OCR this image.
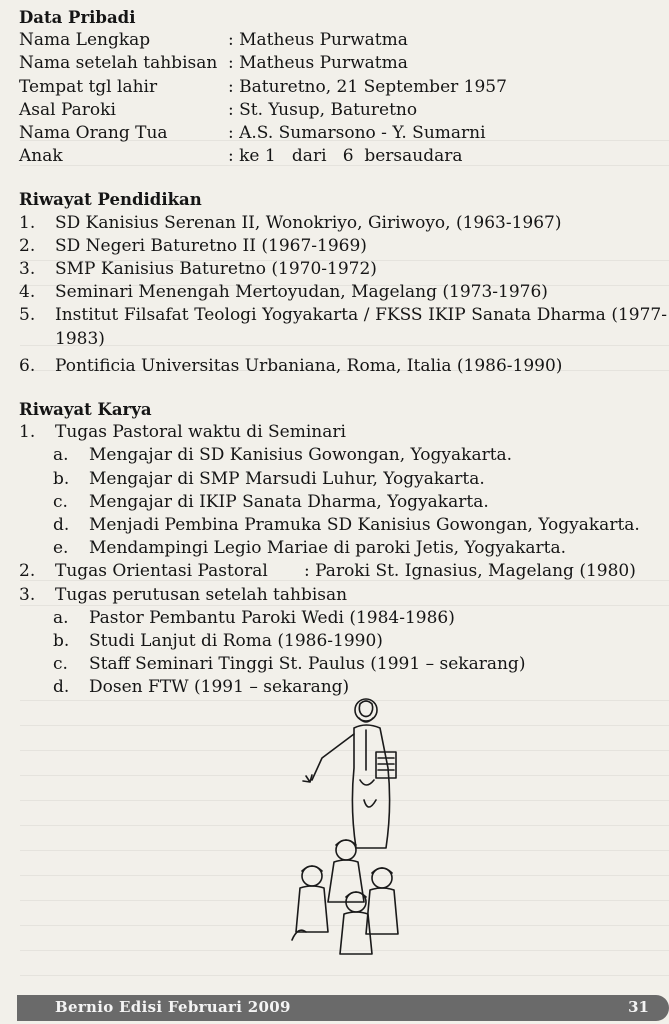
Data Pribadi
Nama Lengkap	: Matheus Purwatma
Nama setelah tahbisan : Matheus Purwatma
Tempat tgl lahir	: Baturetno, 21 September 1957
Asal Paroki	: St. Yusup, Baturetno
Nama Orang Tua	: A.S. Sumarsono - Y. Sumarni
Anak	: ke 1   dari   6  bersaudara
Riwayat Pendidikan
1.	SD Kanisius Serenan II, Wonokriyo, Giriwoyo, (1963-1967)
2.	SD Negeri Baturetno II (1967-1969)
3.	SMP Kanisius Baturetno (1970-1972)
4.	Seminari Menengah Mertoyudan, Magelang (1973-1976)
5.	Institut Filsafat Teologi Yogyakarta / FKSS IKIP Sanata Dharma (1977-1983)
6.	Pontificia Universitas Urbaniana, Roma, Italia (1986-1990)
Riwayat Karya
1.	Tugas Pastoral waktu di Seminari
a.	Mengajar di SD Kanisius Gowongan, Yogyakarta.
b.	Mengajar di SMP Marsudi Luhur, Yogyakarta.
c.	Mengajar di IKIP Sanata Dharma, Yogyakarta.
d.	Menjadi Pembina Pramuka SD Kanisius Gowongan, Yogyakarta.
e.	Mendampingi Legio Mariae di paroki Jetis, Yogyakarta.
2.	Tugas Orientasi Pastoral	: Paroki St. Ignasius, Magelang (1980)
3.	Tugas perutusan setelah tahbisan
a.	Pastor Pembantu Paroki Wedi (1984-1986)
b.	Studi Lanjut di Roma (1986-1990)
c.	Staff Seminari Tinggi St. Paulus (1991 – sekarang)
d.	Dosen FTW (1991 – sekarang)
Bernio Edisi Februari 2009	31
